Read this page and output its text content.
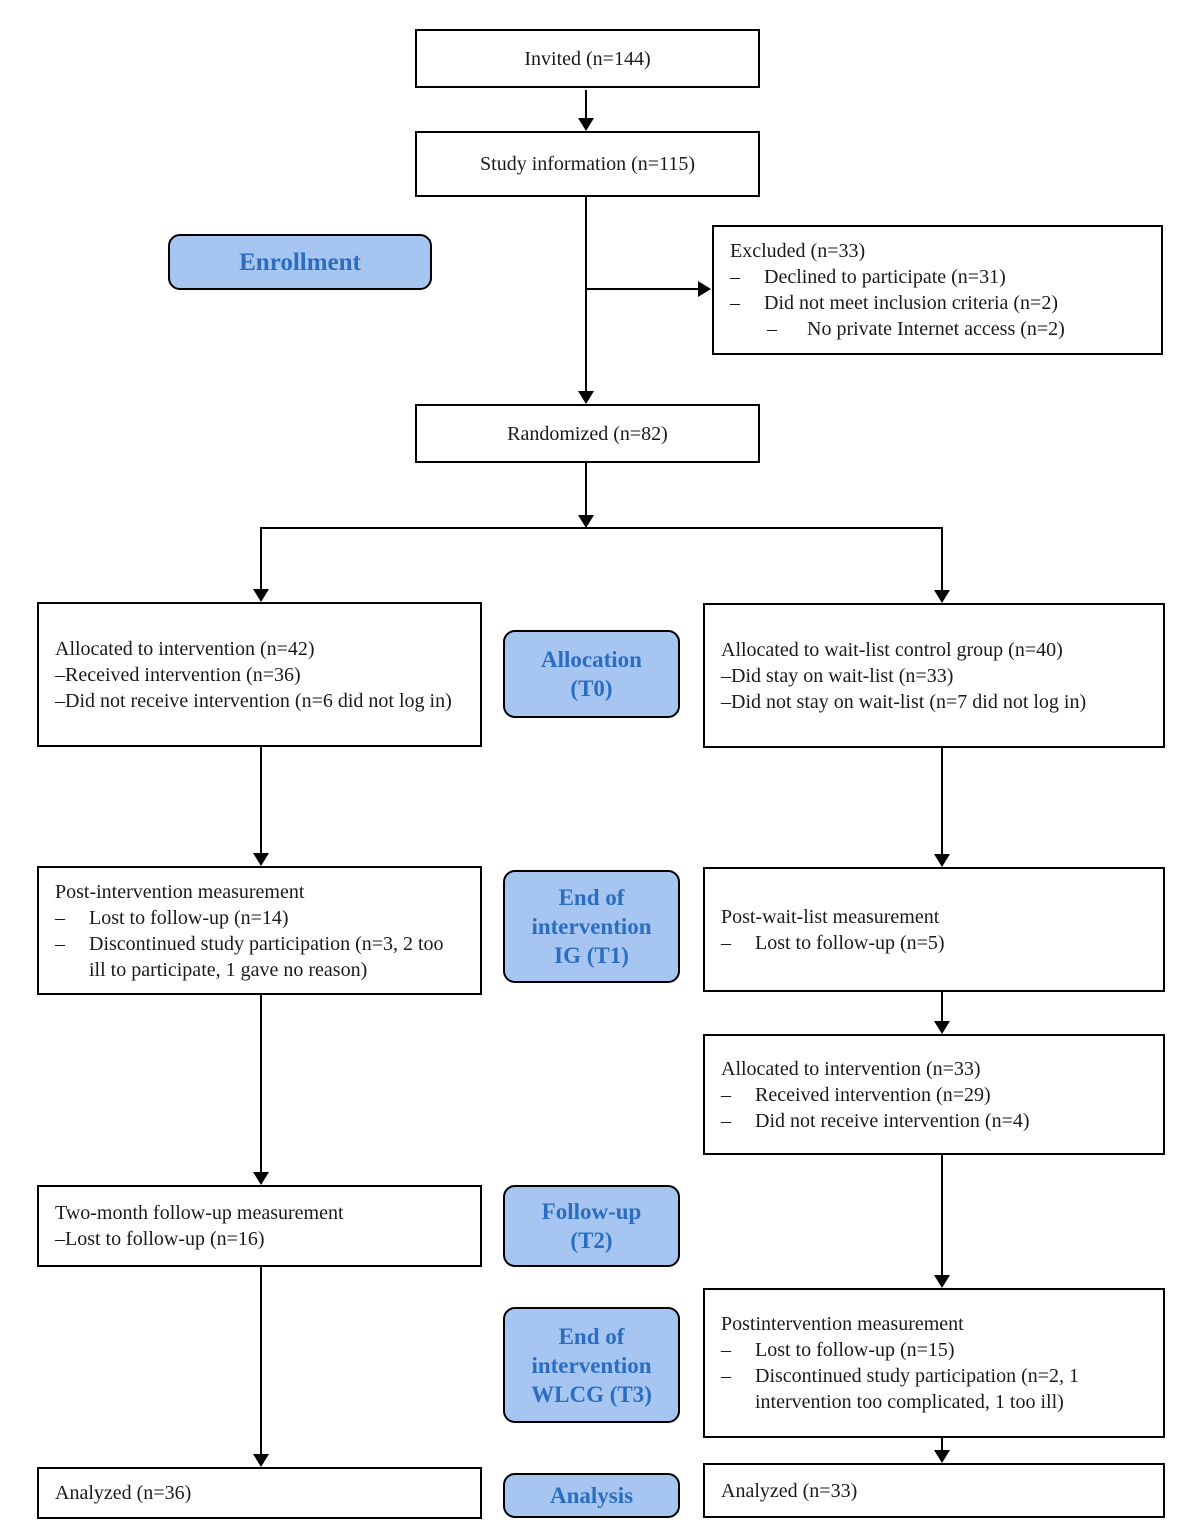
Invited (n=144)
Study information (n=115)
Enrollment	Excluded (n=33)
–	Declined to participate (n=31)
–	Did not meet inclusion criteria (n=2)
–	No private Internet access (n=2)
Randomized (n=82)
Allocated to intervention (n=42)
–Received intervention (n=36)
–Did not receive intervention (n=6 did not log in)
Allocation
(T0)
Allocated to wait-list control group (n=40)
–Did stay on wait-list (n=33)
–Did not stay on wait-list (n=7 did not log in)
Post-intervention measurement
–	Lost to follow-up (n=14)
–	Discontinued study participation (n=3, 2 too ill to participate, 1 gave no reason)
End of
intervention
IG (T1)
Post-wait-list measurement
–	Lost to follow-up (n=5)
Allocated to intervention (n=33)
–	Received intervention (n=29)
–	Did not receive intervention (n=4)
Two-month follow-up measurement
–Lost to follow-up (n=16)
Follow-up
(T2)
End of
intervention
WLCG (T3)
Postintervention measurement
–	Lost to follow-up (n=15)
–	Discontinued study participation (n=2, 1 intervention too complicated, 1 too ill)
Analyzed (n=36)	Analysis	Analyzed (n=33)
